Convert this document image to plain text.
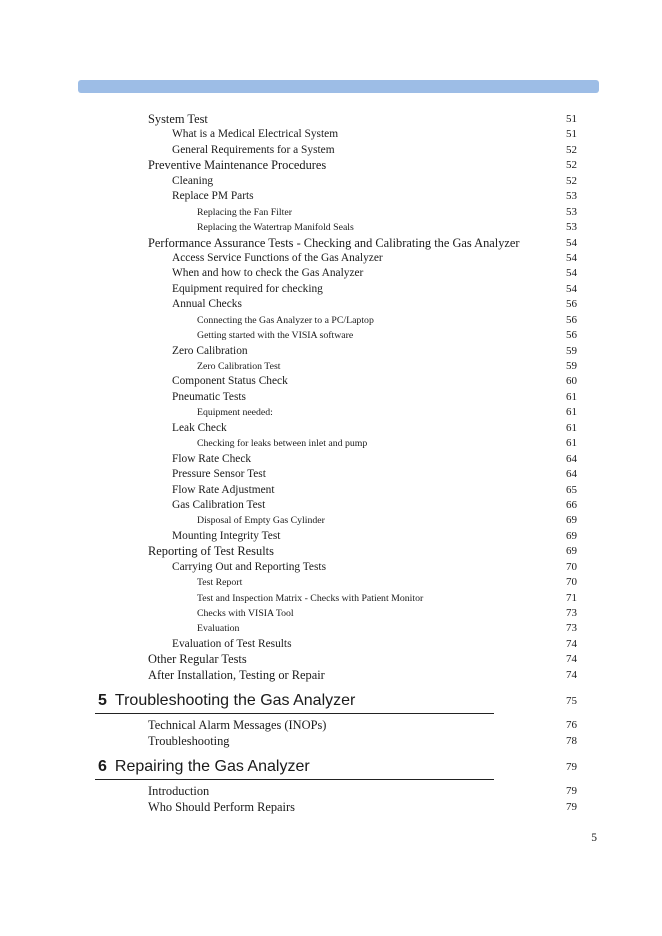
System Test	51
What is a Medical Electrical System	51
General Requirements for a System	52
Preventive Maintenance Procedures	52
Cleaning	52
Replace PM Parts	53
Replacing the Fan Filter	53
Replacing the Watertrap Manifold Seals	53
Performance Assurance Tests - Checking and Calibrating the Gas Analyzer	54
Access Service Functions of the Gas Analyzer	54
When and how to check the Gas Analyzer	54
Equipment required for checking	54
Annual Checks	56
Connecting the Gas Analyzer to a PC/Laptop	56
Getting started with the VISIA software	56
Zero Calibration	59
Zero Calibration Test	59
Component Status Check	60
Pneumatic Tests	61
Equipment needed:	61
Leak Check	61
Checking for leaks between inlet and pump	61
Flow Rate Check	64
Pressure Sensor Test	64
Flow Rate Adjustment	65
Gas Calibration Test	66
Disposal of Empty Gas Cylinder	69
Mounting Integrity Test	69
Reporting of Test Results	69
Carrying Out and Reporting Tests	70
Test Report	70
Test and Inspection Matrix - Checks with Patient Monitor	71
Checks with VISIA Tool	73
Evaluation	73
Evaluation of Test Results	74
Other Regular Tests	74
After Installation, Testing or Repair	74
5 Troubleshooting the Gas Analyzer	75
Technical Alarm Messages (INOPs)	76
Troubleshooting	78
6 Repairing the Gas Analyzer	79
Introduction	79
Who Should Perform Repairs	79
5
